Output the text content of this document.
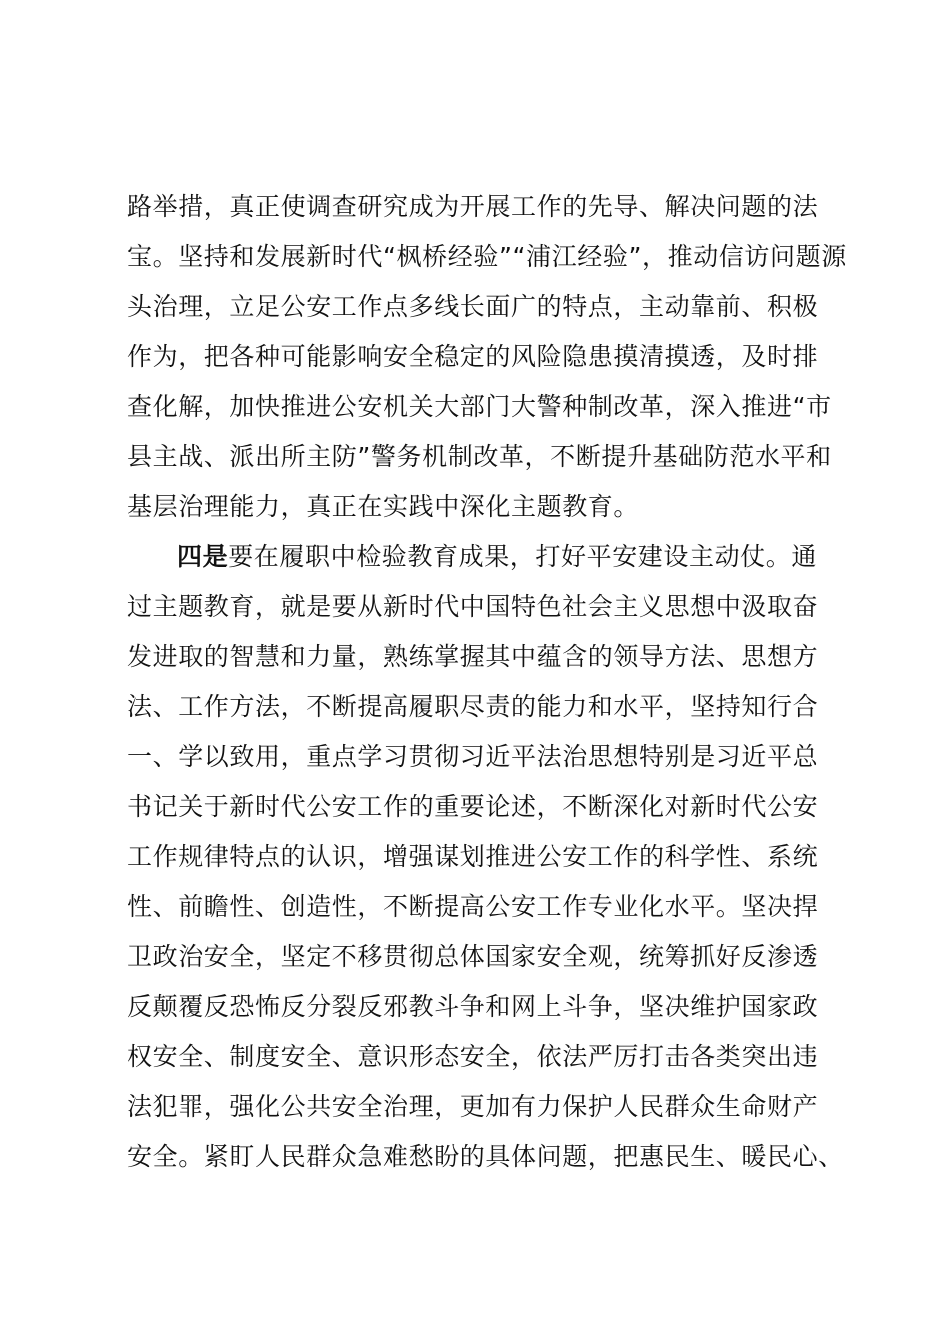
路举措，真正使调查研究成为开展工作的先导、解决问题的法
宝。坚持和发展新时代“枫桥经验”“浦江经验”，推动信访问题源
头治理，立足公安工作点多线长面广的特点，主动靠前、积极
作为，把各种可能影响安全稳定的风险隐患摸清摸透，及时排
查化解，加快推进公安机关大部门大警种制改革，深入推进“市
县主战、派出所主防”警务机制改革，不断提升基础防范水平和
基层治理能力，真正在实践中深化主题教育。
四是要在履职中检验教育成果，打好平安建设主动仗。通
过主题教育，就是要从新时代中国特色社会主义思想中汲取奋
发进取的智慧和力量，熟练掌握其中蕴含的领导方法、思想方
法、工作方法，不断提高履职尽责的能力和水平，坚持知行合
一、学以致用，重点学习贯彻习近平法治思想特别是习近平总
书记关于新时代公安工作的重要论述，不断深化对新时代公安
工作规律特点的认识，增强谋划推进公安工作的科学性、系统
性、前瞻性、创造性，不断提高公安工作专业化水平。坚决捍
卫政治安全，坚定不移贯彻总体国家安全观，统筹抓好反渗透
反颠覆反恐怖反分裂反邪教斗争和网上斗争，坚决维护国家政
权安全、制度安全、意识形态安全，依法严厉打击各类突出违
法犯罪，强化公共安全治理，更加有力保护人民群众生命财产
安全。紧盯人民群众急难愁盼的具体问题，把惠民生、暖民心、
